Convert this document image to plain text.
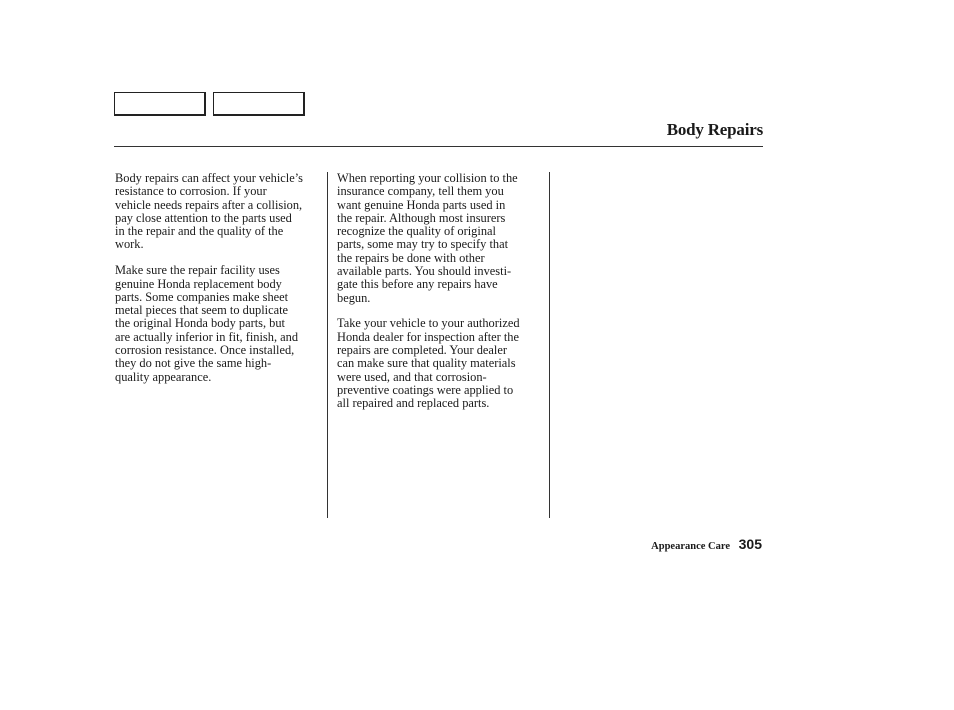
Body Repairs

Body repairs can affect your vehicle’s
resistance to corrosion. If your
vehicle needs repairs after a collision,
pay close attention to the parts used
in the repair and the quality of the
work.

Make sure the repair facility uses
genuine Honda replacement body
parts. Some companies make sheet
metal pieces that seem to duplicate
the original Honda body parts, but
are actually inferior in fit, finish, and
corrosion resistance. Once installed,
they do not give the same high-
quality appearance.

When reporting your collision to the
insurance company, tell them you
want genuine Honda parts used in
the repair. Although most insurers
recognize the quality of original
parts, some may try to specify that
the repairs be done with other
available parts. You should investi-
gate this before any repairs have
begun.

Take your vehicle to your authorized
Honda dealer for inspection after the
repairs are completed. Your dealer
can make sure that quality materials
were used, and that corrosion-
preventive coatings were applied to
all repaired and replaced parts.

Appearance Care 305
